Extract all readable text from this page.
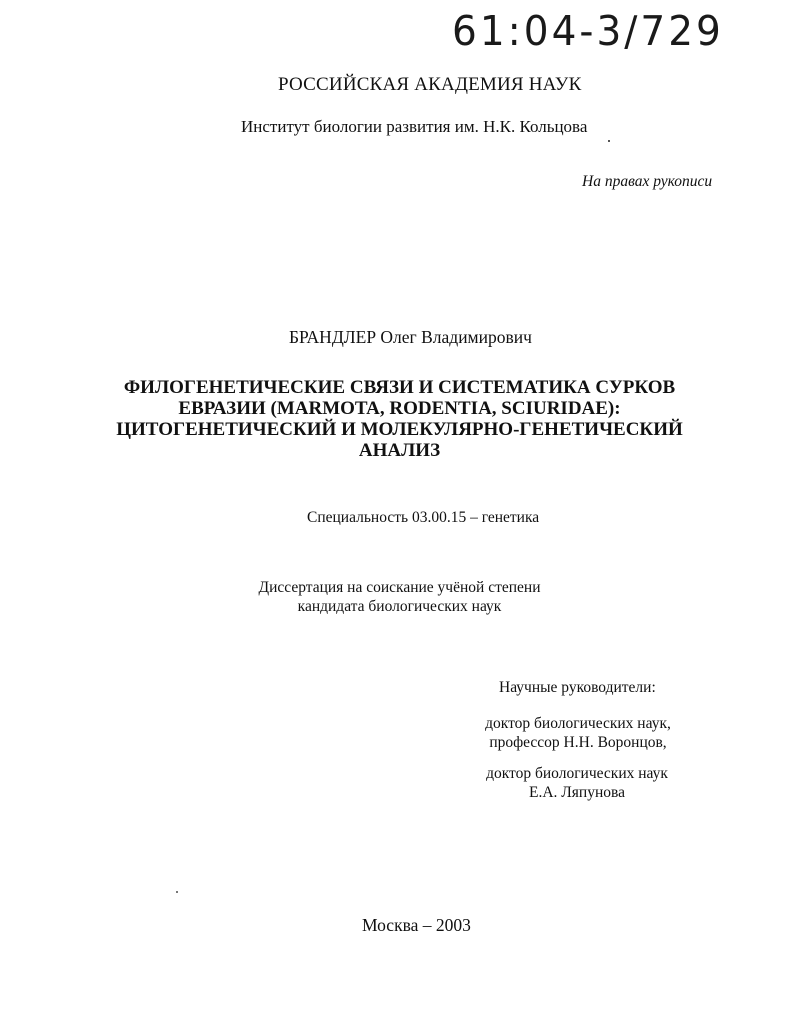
61:04-3/729
РОССИЙСКАЯ АКАДЕМИЯ НАУК
Институт биологии развития им. Н.К. Кольцова
На правах рукописи
БРАНДЛЕР Олег Владимирович
ФИЛОГЕНЕТИЧЕСКИЕ СВЯЗИ И СИСТЕМАТИКА СУРКОВ
ЕВРАЗИИ (MARMOTA, RODENTIA, SCIURIDAE):
ЦИТОГЕНЕТИЧЕСКИЙ И МОЛЕКУЛЯРНО-ГЕНЕТИЧЕСКИЙ
АНАЛИЗ
Специальность 03.00.15 – генетика
Диссертация на соискание учёной степени
кандидата биологических наук
Научные руководители:
доктор биологических наук,
профессор Н.Н. Воронцов,
доктор биологических наук
Е.А. Ляпунова
Москва – 2003
